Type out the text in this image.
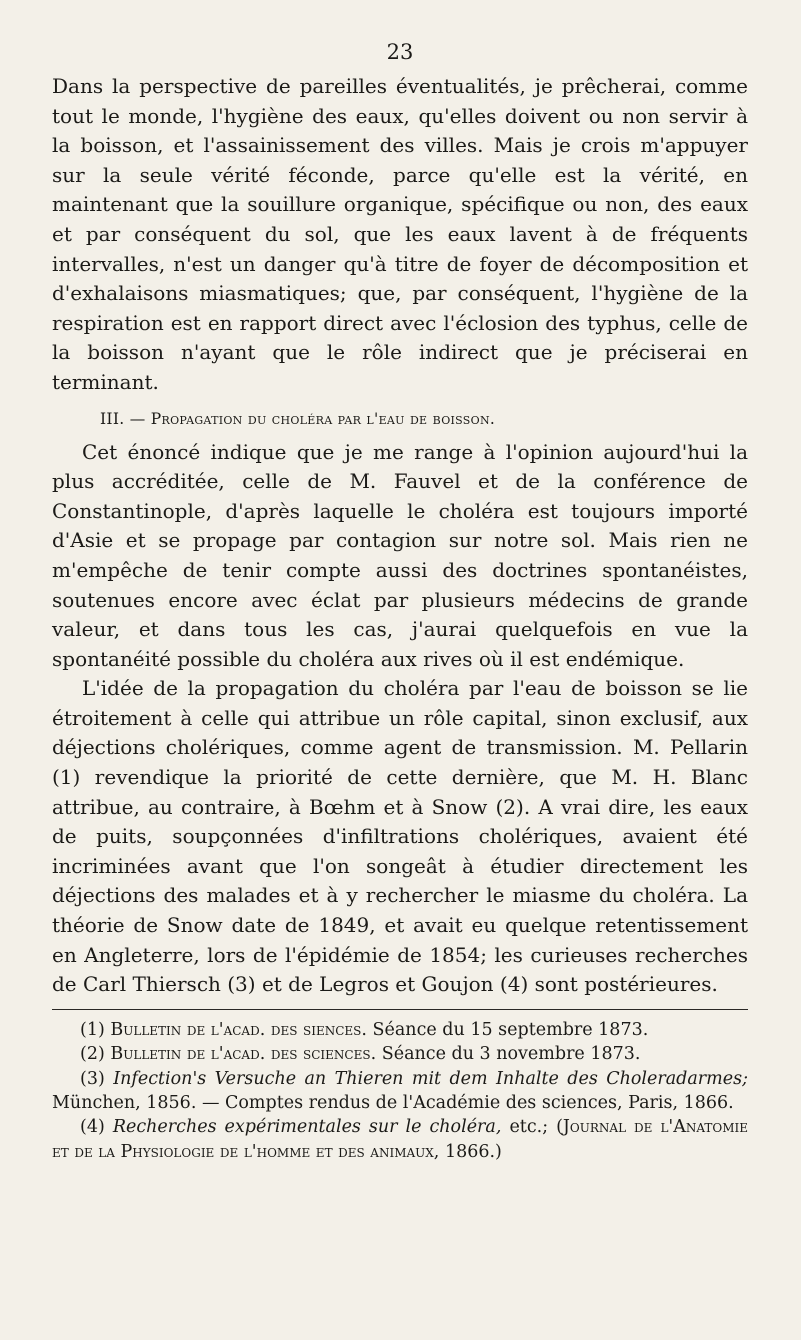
23

Dans la perspective de pareilles éventualités, je prêcherai, comme tout le monde, l'hygiène des eaux, qu'elles doivent ou non servir à la boisson, et l'assainissement des villes. Mais je crois m'appuyer sur la seule vérité féconde, parce qu'elle est la vérité, en maintenant que la souillure organique, spécifique ou non, des eaux et par conséquent du sol, que les eaux lavent à de fréquents intervalles, n'est un danger qu'à titre de foyer de décomposition et d'exhalaisons miasmatiques; que, par conséquent, l'hygiène de la respiration est en rapport direct avec l'éclosion des typhus, celle de la boisson n'ayant que le rôle indirect que je préciserai en terminant.

III. — Propagation du choléra par l'eau de boisson.

Cet énoncé indique que je me range à l'opinion aujourd'hui la plus accréditée, celle de M. Fauvel et de la conférence de Constantinople, d'après laquelle le choléra est toujours importé d'Asie et se propage par contagion sur notre sol. Mais rien ne m'empêche de tenir compte aussi des doctrines spontanéistes, soutenues encore avec éclat par plusieurs médecins de grande valeur, et dans tous les cas, j'aurai quelquefois en vue la spontanéité possible du choléra aux rives où il est endémique.

L'idée de la propagation du choléra par l'eau de boisson se lie étroitement à celle qui attribue un rôle capital, sinon exclusif, aux déjections cholériques, comme agent de transmission. M. Pellarin (1) revendique la priorité de cette dernière, que M. H. Blanc attribue, au contraire, à Bœhm et à Snow (2). A vrai dire, les eaux de puits, soupçonnées d'infiltrations cholériques, avaient été incriminées avant que l'on songeât à étudier directement les déjections des malades et à y rechercher le miasme du choléra. La théorie de Snow date de 1849, et avait eu quelque retentissement en Angleterre, lors de l'épidémie de 1854; les curieuses recherches de Carl Thiersch (3) et de Legros et Goujon (4) sont postérieures.

(1) Bulletin de l'acad. des siences. Séance du 15 septembre 1873.

(2) Bulletin de l'acad. des sciences. Séance du 3 novembre 1873.

(3) Infection's Versuche an Thieren mit dem Inhalte des Choleradarmes; München, 1856. — Comptes rendus de l'Académie des sciences, Paris, 1866.

(4) Recherches expérimentales sur le choléra, etc.; (Journal de l'Anatomie et de la Physiologie de l'homme et des animaux, 1866.)
